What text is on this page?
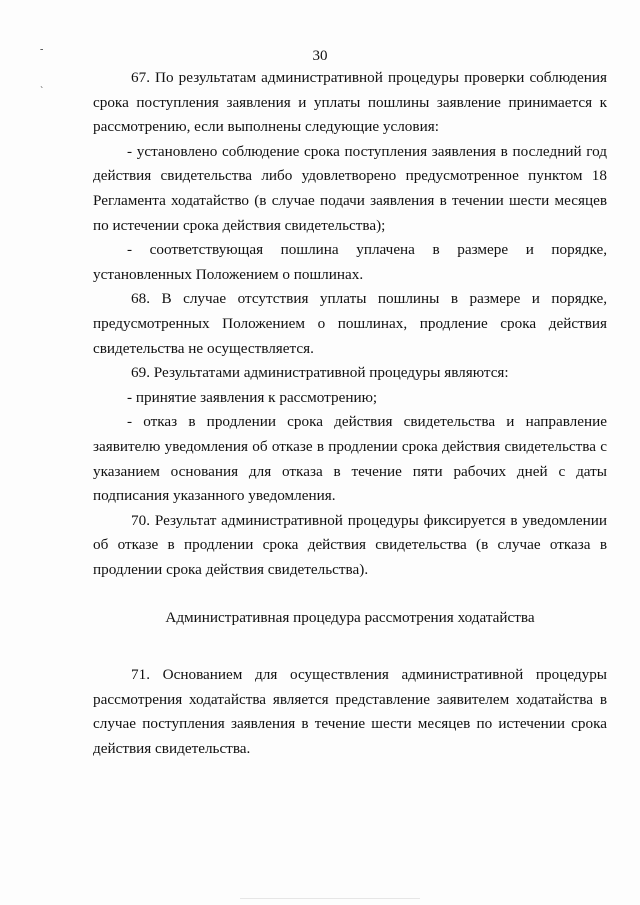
-
`
30

67. По результатам административной процедуры проверки соблюдения срока поступления заявления и уплаты пошлины заявление принимается к рассмотрению, если выполнены следующие условия:

- установлено соблюдение срока поступления заявления в последний год действия свидетельства либо удовлетворено предусмотренное пунктом 18 Регламента ходатайство (в случае подачи заявления в течении шести месяцев по истечении срока действия свидетельства);

- соответствующая пошлина уплачена в размере и порядке, установленных Положением о пошлинах.

68. В случае отсутствия уплаты пошлины в размере и порядке, предусмотренных Положением о пошлинах, продление срока действия свидетельства не осуществляется.

69. Результатами административной процедуры являются:

- принятие заявления к рассмотрению;

- отказ в продлении срока действия свидетельства и направление заявителю уведомления об отказе в продлении срока действия свидетельства с указанием основания для отказа в течение пяти рабочих дней с даты подписания указанного уведомления.

70. Результат административной процедуры фиксируется в уведомлении об отказе в продлении срока действия свидетельства (в случае отказа в продлении срока действия свидетельства).

Административная процедура рассмотрения ходатайства

71. Основанием для осуществления административной процедуры рассмотрения ходатайства является представление заявителем ходатайства в случае поступления заявления в течение шести месяцев по истечении срока действия свидетельства.
